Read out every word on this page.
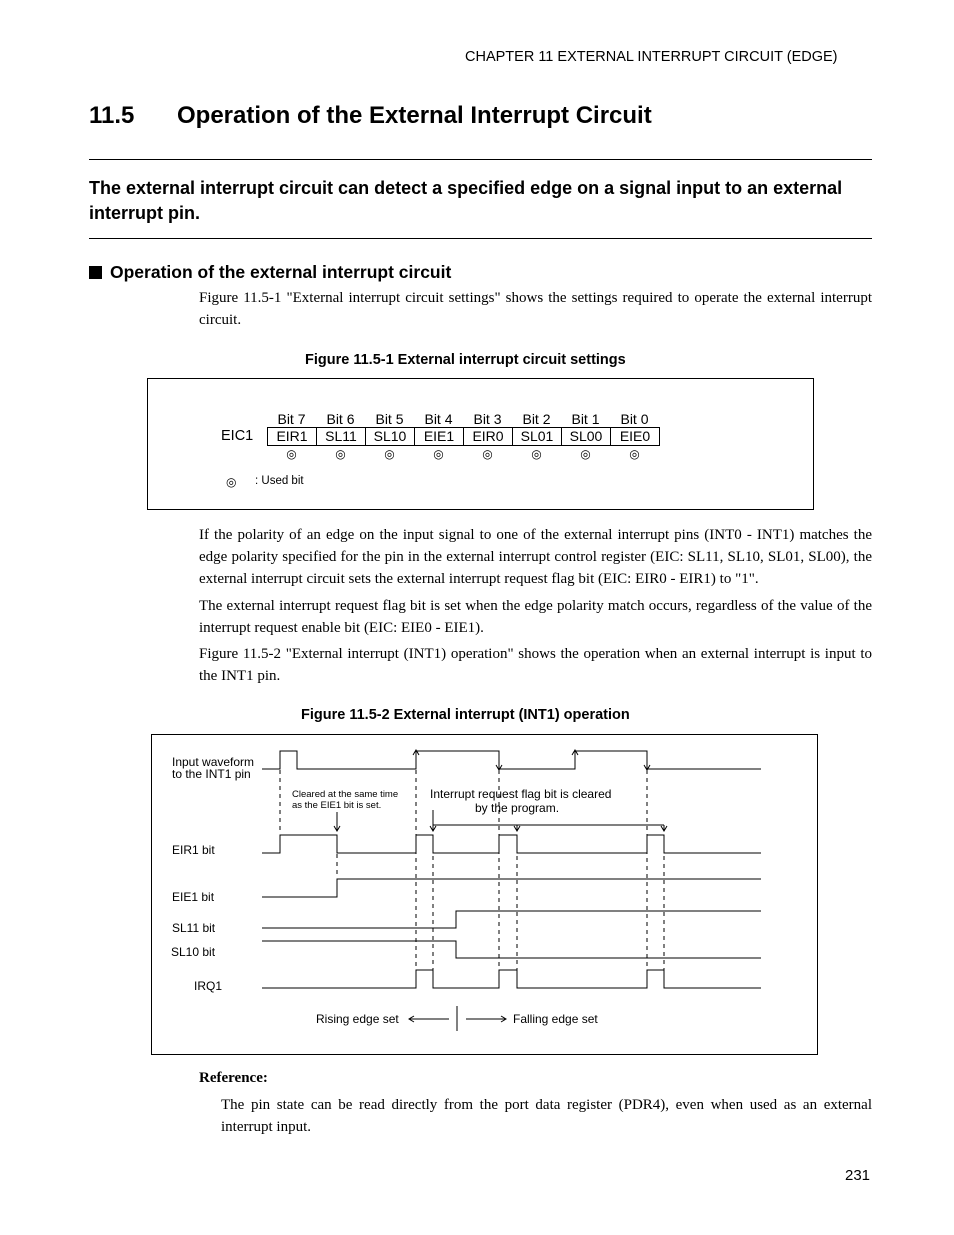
CHAPTER 11 EXTERNAL INTERRUPT CIRCUIT (EDGE)
11.5 Operation of the External Interrupt Circuit
The external interrupt circuit can detect a specified edge on a signal input to an external interrupt pin.
Operation of the external interrupt circuit
Figure 11.5-1 "External interrupt circuit settings" shows the settings required to operate the external interrupt circuit.
Figure 11.5-1 External interrupt circuit settings
Bit 7	Bit 6	Bit 5	Bit 4	Bit 3	Bit 2	Bit 1	Bit 0
EIC1 EIR1	SL11	SL10	EIE1	EIR0	SL01	SL00	EIE0
◎	◎	◎	◎	◎	◎	◎	◎
◎ : Used bit
If the polarity of an edge on the input signal to one of the external interrupt pins (INT0 - INT1) matches the edge polarity specified for the pin in the external interrupt control register (EIC: SL11, SL10, SL01, SL00), the external interrupt circuit sets the external interrupt request flag bit (EIC: EIR0 - EIR1) to "1".
The external interrupt request flag bit is set when the edge polarity match occurs, regardless of the value of the interrupt request enable bit (EIC: EIE0 - EIE1).
Figure 11.5-2 "External interrupt (INT1) operation" shows the operation when an external interrupt is input to the INT1 pin.
Figure 11.5-2 External interrupt (INT1) operation
Input waveform
to the INT1 pin
EIR1 bit
EIE1 bit
SL11 bit
SL10 bit
IRQ1
Interrupt request flag bit is cleared
by the program.
Rising edge set	Falling edge set
Cleared at the same time
as the EIE1 bit is set.
Reference:
The pin state can be read directly from the port data register (PDR4), even when used as an external interrupt input.
231
